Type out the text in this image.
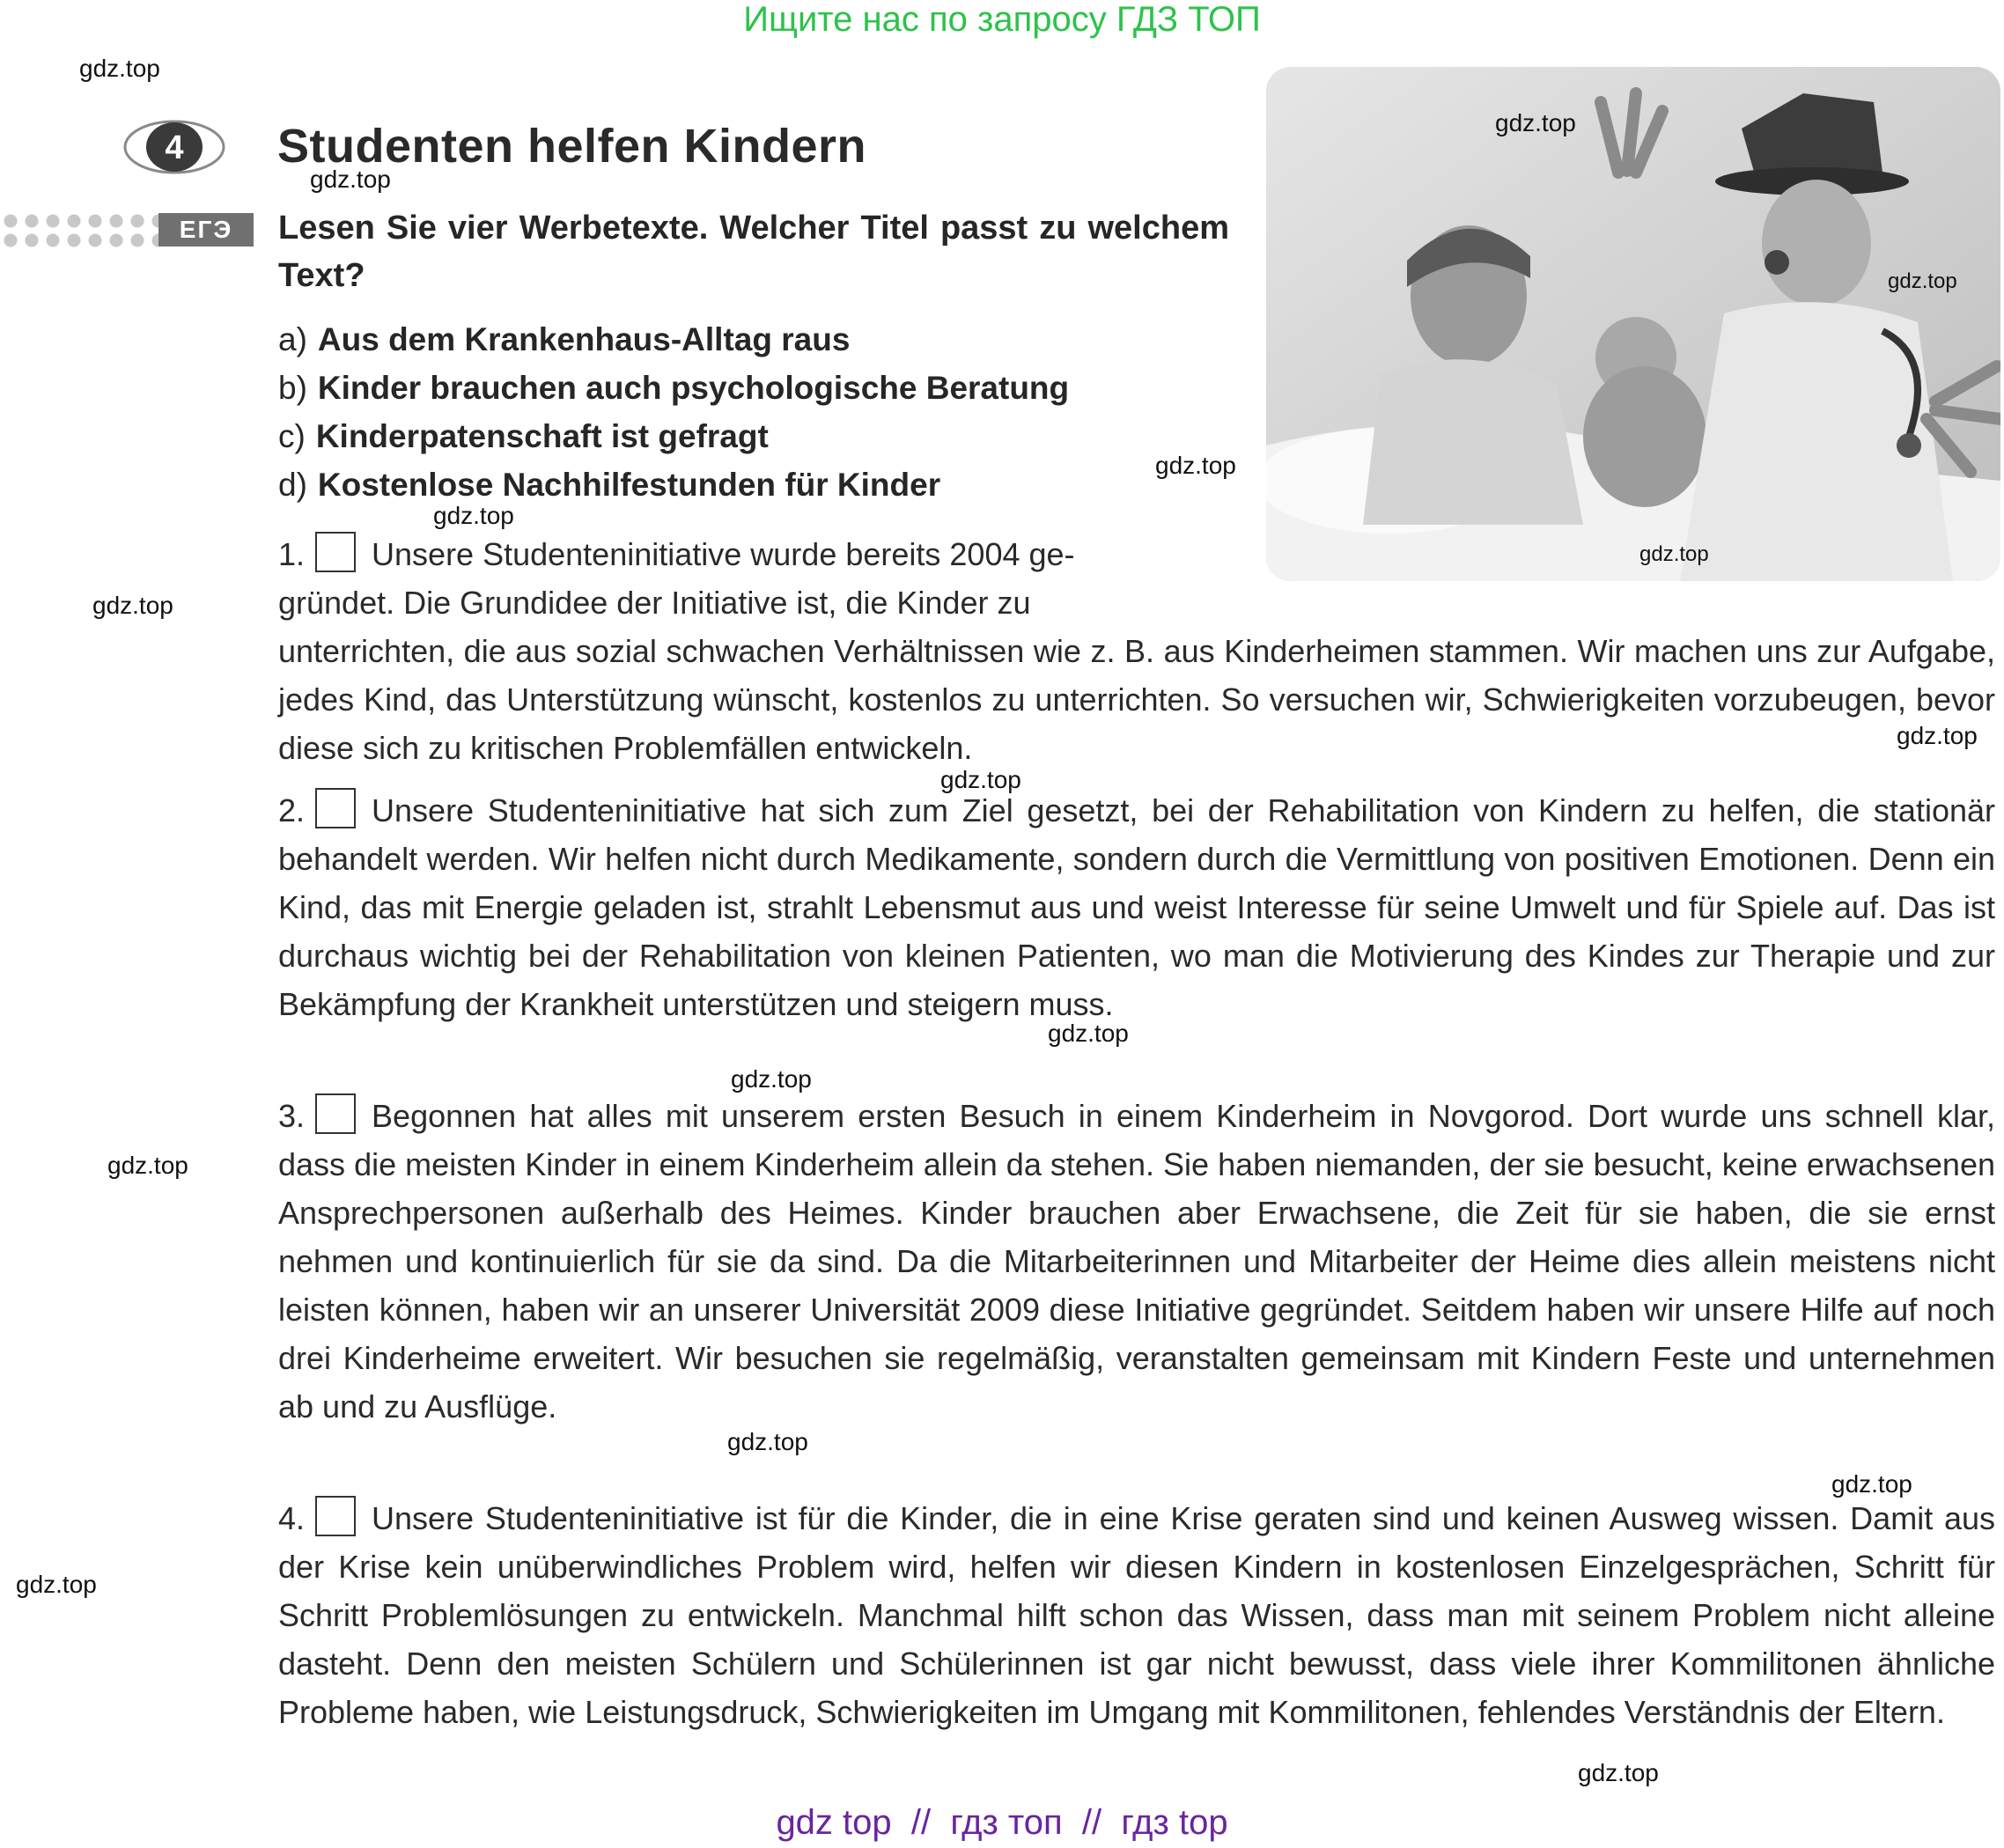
Ищите нас по запросу ГДЗ ТОП
4 Studenten helfen Kindern
ЕГЭ	Lesen Sie vier Werbetexte. Welcher Titel passt zu welchem Text?
a) Aus dem Krankenhaus-Alltag raus
b) Kinder brauchen auch psychologische Beratung
c) Kinderpatenschaft ist gefragt
d) Kostenlose Nachhilfestunden für Kinder
1. Unsere Studenteninitiative wurde bereits 2004 ge-
gründet. Die Grundidee der Initiative ist, die Kinder zu
unterrichten, die aus sozial schwachen Verhältnissen wie z. B. aus Kinderheimen stammen. Wir machen uns zur Aufgabe, jedes Kind, das Unterstützung wünscht, kostenlos zu unterrichten. So versuchen wir, Schwierigkeiten vorzubeugen, bevor diese sich zu kritischen Problemfällen entwickeln.
2. Unsere Studenteninitiative hat sich zum Ziel gesetzt, bei der Rehabilitation von Kindern zu helfen, die stationär behandelt werden. Wir helfen nicht durch Medikamente, sondern durch die Vermittlung von positiven Emotionen. Denn ein Kind, das mit Energie geladen ist, strahlt Lebensmut aus und weist Interesse für seine Umwelt und für Spiele auf. Das ist durchaus wichtig bei der Rehabilitation von kleinen Patienten, wo man die Motivierung des Kindes zur Therapie und zur Bekämpfung der Krankheit unterstützen und steigern muss.
3. Begonnen hat alles mit unserem ersten Besuch in einem Kinderheim in Novgorod. Dort wurde uns schnell klar, dass die meisten Kinder in einem Kinderheim allein da stehen. Sie haben niemanden, der sie besucht, keine erwachsenen Ansprechpersonen außerhalb des Heimes. Kinder brauchen aber Erwachsene, die Zeit für sie haben, die sie ernst nehmen und kontinuierlich für sie da sind. Da die Mitarbeiterinnen und Mitarbeiter der Heime dies allein meistens nicht leisten können, haben wir an unserer Universität 2009 diese Initiative gegründet. Seitdem haben wir unsere Hilfe auf noch drei Kinderheime erweitert. Wir besuchen sie regelmäßig, veranstalten gemeinsam mit Kindern Feste und unternehmen ab und zu Ausflüge.
4. Unsere Studenteninitiative ist für die Kinder, die in eine Krise geraten sind und keinen Ausweg wissen. Damit aus der Krise kein unüberwindliches Problem wird, helfen wir diesen Kindern in kostenlosen Einzelgesprächen, Schritt für Schritt Problemlösungen zu entwickeln. Manchmal hilft schon das Wissen, dass man mit seinem Problem nicht alleine dasteht. Denn den meisten Schülern und Schülerinnen ist gar nicht bewusst, dass viele ihrer Kommilitonen ähnliche Probleme haben, wie Leistungsdruck, Schwierigkeiten im Umgang mit Kommilitonen, fehlendes Verständnis der Eltern.
gdz.top
gdz.top
gdz.top
gdz.top
gdz.top
gdz.top
gdz.top
gdz.top
gdz.top
gdz.top
gdz.top
gdz.top
gdz.top
gdz.top
gdz.top
gdz.top
gdz.top
gdz top  //  гдз топ  //  гдз top
